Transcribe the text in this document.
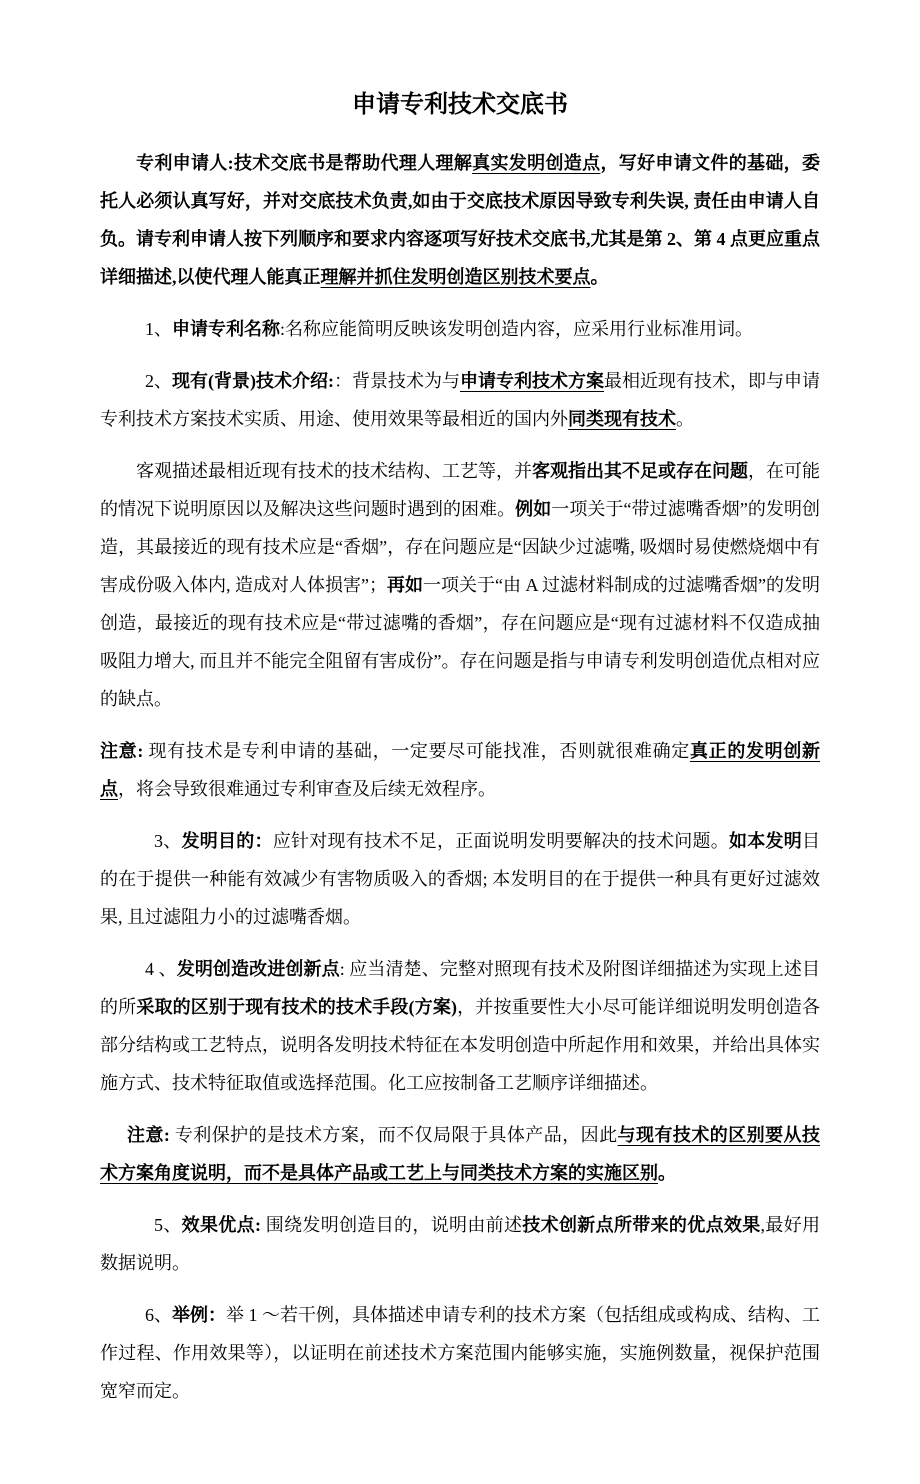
申请专利技术交底书

专利申请人:技术交底书是帮助代理人理解真实发明创造点，写好申请文件的基础，委托人必须认真写好，并对交底技术负责,如由于交底技术原因导致专利失误, 责任由申请人自负。请专利申请人按下列顺序和要求内容逐项写好技术交底书,尤其是第 2、第 4 点更应重点详细描述,以使代理人能真正理解并抓住发明创造区别技术要点。

1、申请专利名称:名称应能简明反映该发明创造内容，应采用行业标准用词。

2、现有(背景)技术介绍:：背景技术为与申请专利技术方案最相近现有技术，即与申请专利技术方案技术实质、用途、使用效果等最相近的国内外同类现有技术。

客观描述最相近现有技术的技术结构、工艺等，并客观指出其不足或存在问题，在可能的情况下说明原因以及解决这些问题时遇到的困难。例如一项关于“带过滤嘴香烟”的发明创造，其最接近的现有技术应是“香烟”，存在问题应是“因缺少过滤嘴, 吸烟时易使燃烧烟中有害成份吸入体内, 造成对人体损害”；再如一项关于“由 A 过滤材料制成的过滤嘴香烟”的发明创造，最接近的现有技术应是“带过滤嘴的香烟”，存在问题应是“现有过滤材料不仅造成抽吸阻力增大, 而且并不能完全阻留有害成份”。存在问题是指与申请专利发明创造优点相对应的缺点。

注意: 现有技术是专利申请的基础，一定要尽可能找准，否则就很难确定真正的发明创新点，将会导致很难通过专利审查及后续无效程序。

3、发明目的：应针对现有技术不足，正面说明发明要解决的技术问题。如本发明目的在于提供一种能有效减少有害物质吸入的香烟; 本发明目的在于提供一种具有更好过滤效果, 且过滤阻力小的过滤嘴香烟。

4 、发明创造改进创新点: 应当清楚、完整对照现有技术及附图详细描述为实现上述目的所采取的区别于现有技术的技术手段(方案)，并按重要性大小尽可能详细说明发明创造各部分结构或工艺特点，说明各发明技术特征在本发明创造中所起作用和效果，并给出具体实施方式、技术特征取值或选择范围。化工应按制备工艺顺序详细描述。

注意: 专利保护的是技术方案，而不仅局限于具体产品，因此与现有技术的区别要从技术方案角度说明，而不是具体产品或工艺上与同类技术方案的实施区别。

5、效果优点: 围绕发明创造目的，说明由前述技术创新点所带来的优点效果,最好用数据说明。

6、举例：举 1 ～若干例，具体描述申请专利的技术方案（包括组成或构成、结构、工作过程、作用效果等），以证明在前述技术方案范围内能够实施，实施例数量，视保护范围宽窄而定。
